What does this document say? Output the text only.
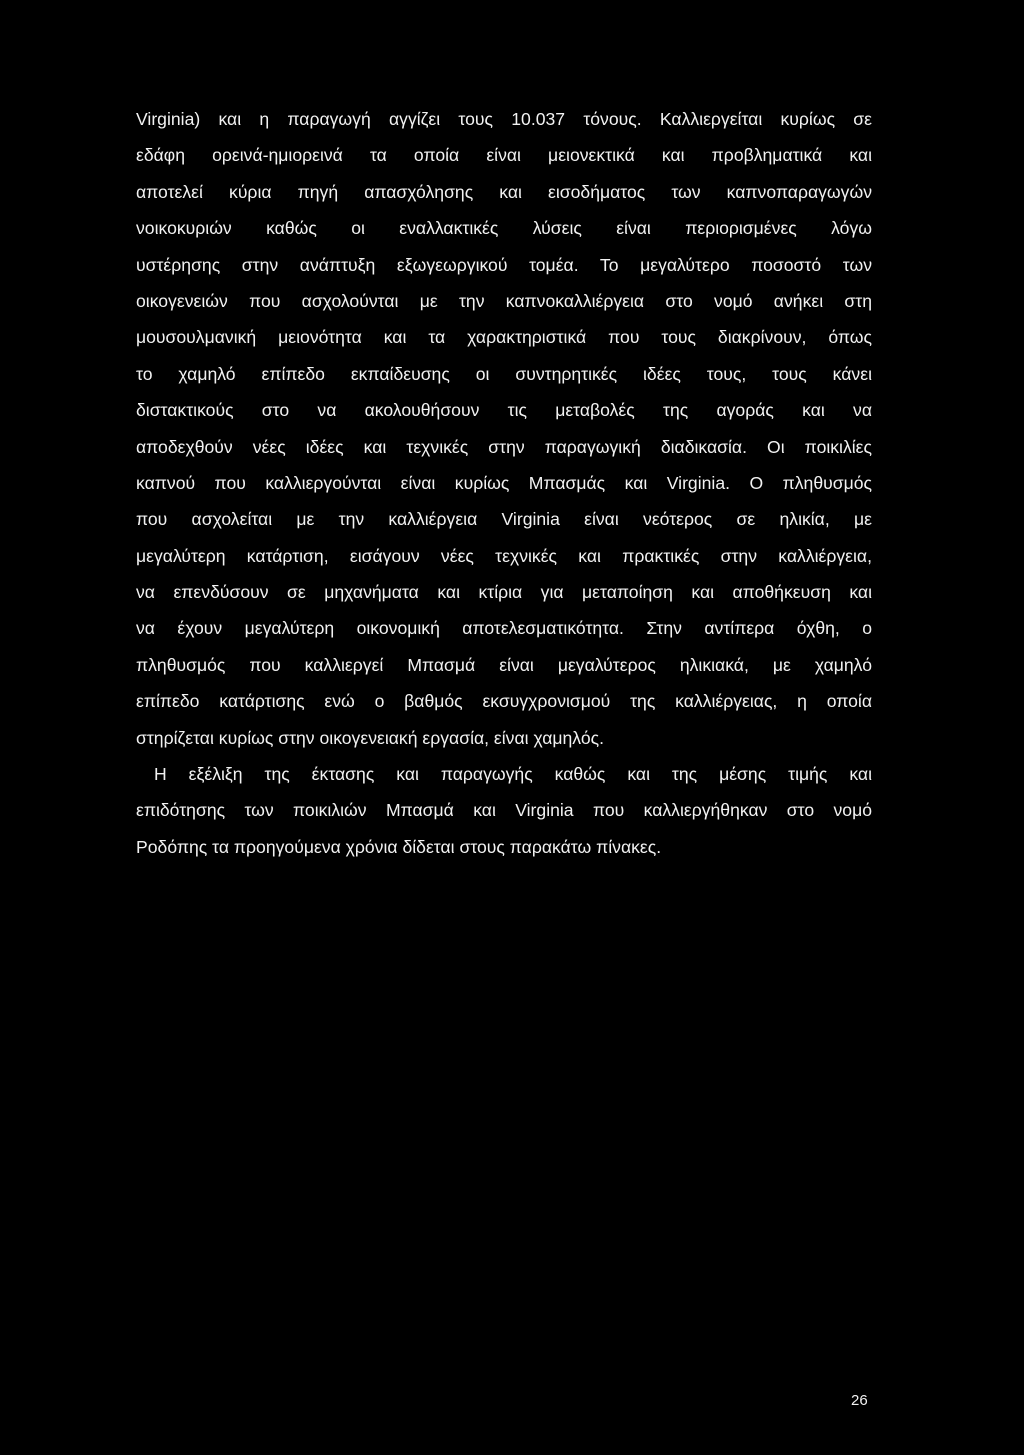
Virginia) και η παραγωγή αγγίζει τους 10.037 τόνους. Καλλιεργείται κυρίως σε
εδάφη ορεινά-ημιορεινά τα οποία είναι μειονεκτικά και προβληματικά και
αποτελεί κύρια πηγή απασχόλησης και εισοδήματος των καπνοπαραγωγών
νοικοκυριών καθώς οι εναλλακτικές λύσεις είναι περιορισμένες λόγω
υστέρησης στην ανάπτυξη εξωγεωργικού τομέα. Το μεγαλύτερο ποσοστό των
οικογενειών που ασχολούνται με την καπνοκαλλιέργεια στο νομό ανήκει στη
μουσουλμανική μειονότητα και τα χαρακτηριστικά που τους διακρίνουν, όπως
το χαμηλό επίπεδο εκπαίδευσης οι συντηρητικές ιδέες τους, τους κάνει
διστακτικούς στο να ακολουθήσουν τις μεταβολές της αγοράς και να
αποδεχθούν νέες ιδέες και τεχνικές στην παραγωγική διαδικασία. Οι ποικιλίες
καπνού που καλλιεργούνται είναι κυρίως Μπασμάς και Virginia. Ο πληθυσμός
που ασχολείται με την καλλιέργεια Virginia είναι νεότερος σε ηλικία, με
μεγαλύτερη κατάρτιση, εισάγουν νέες τεχνικές και πρακτικές στην καλλιέργεια,
να επενδύσουν σε μηχανήματα και κτίρια για μεταποίηση και αποθήκευση και
να έχουν μεγαλύτερη οικονομική αποτελεσματικότητα. Στην αντίπερα όχθη, ο
πληθυσμός που καλλιεργεί Μπασμά είναι μεγαλύτερος ηλικιακά, με χαμηλό
επίπεδο κατάρτισης ενώ ο βαθμός εκσυγχρονισμού της καλλιέργειας, η οποία
στηρίζεται κυρίως στην οικογενειακή εργασία, είναι χαμηλός.
Η εξέλιξη της έκτασης και παραγωγής καθώς και της μέσης τιμής και
επιδότησης των ποικιλιών Μπασμά και Virginia που καλλιεργήθηκαν στο νομό
Ροδόπης τα προηγούμενα χρόνια δίδεται στους παρακάτω πίνακες.
26
